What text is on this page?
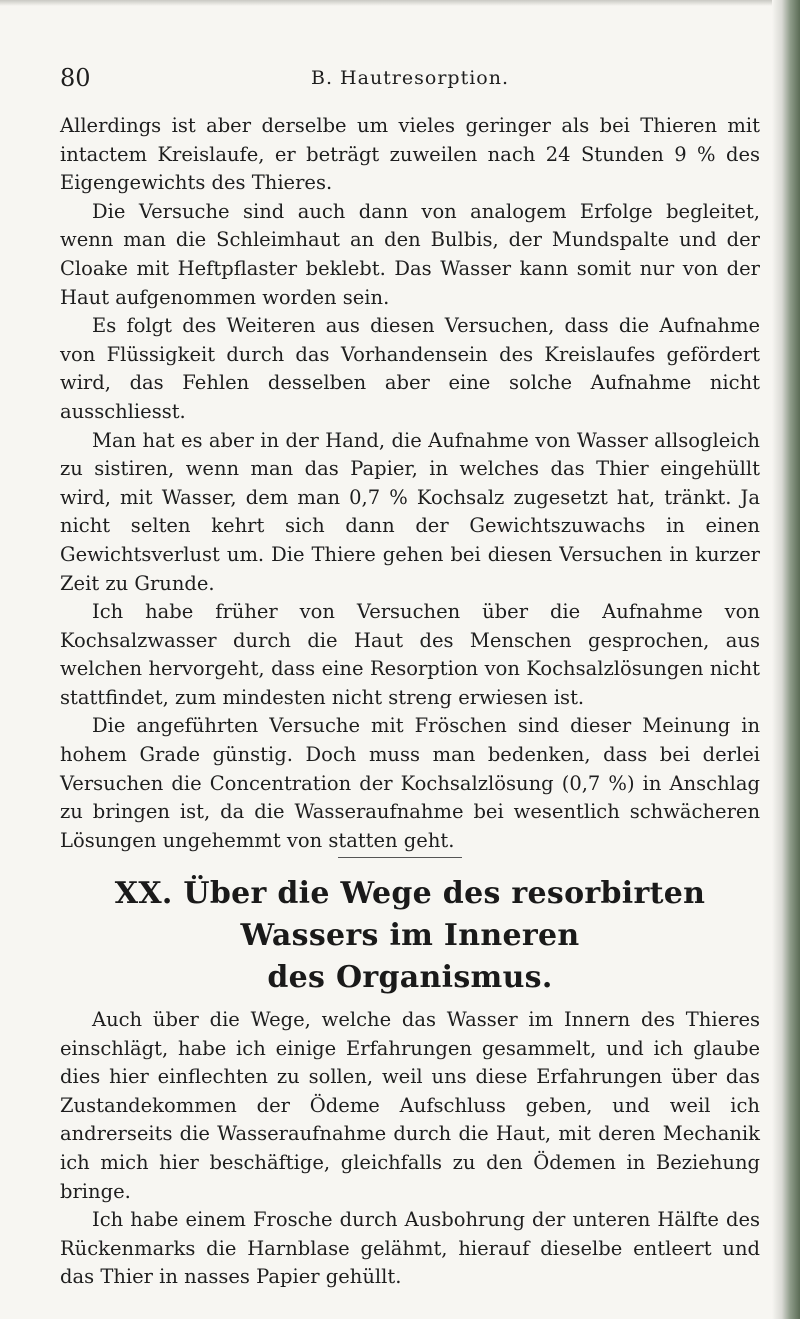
80	B. Hautresorption.

Allerdings ist aber derselbe um vieles geringer als bei Thieren mit intactem Kreislaufe, er beträgt zuweilen nach 24 Stunden 9 % des Eigengewichts des Thieres.

Die Versuche sind auch dann von analogem Erfolge begleitet, wenn man die Schleimhaut an den Bulbis, der Mundspalte und der Cloake mit Heftpflaster beklebt. Das Wasser kann somit nur von der Haut aufgenommen worden sein.

Es folgt des Weiteren aus diesen Versuchen, dass die Aufnahme von Flüssigkeit durch das Vorhandensein des Kreislaufes gefördert wird, das Fehlen desselben aber eine solche Aufnahme nicht ausschliesst.

Man hat es aber in der Hand, die Aufnahme von Wasser allsogleich zu sistiren, wenn man das Papier, in welches das Thier eingehüllt wird, mit Wasser, dem man 0,7 % Kochsalz zugesetzt hat, tränkt. Ja nicht selten kehrt sich dann der Gewichtszuwachs in einen Gewichtsverlust um. Die Thiere gehen bei diesen Versuchen in kurzer Zeit zu Grunde.

Ich habe früher von Versuchen über die Aufnahme von Kochsalzwasser durch die Haut des Menschen gesprochen, aus welchen hervorgeht, dass eine Resorption von Kochsalzlösungen nicht stattfindet, zum mindesten nicht streng erwiesen ist.

Die angeführten Versuche mit Fröschen sind dieser Meinung in hohem Grade günstig. Doch muss man bedenken, dass bei derlei Versuchen die Concentration der Kochsalzlösung (0,7 %) in Anschlag zu bringen ist, da die Wasseraufnahme bei wesentlich schwächeren Lösungen ungehemmt von statten geht.

XX. Über die Wege des resorbirten Wassers im Inneren
des Organismus.

Auch über die Wege, welche das Wasser im Innern des Thieres einschlägt, habe ich einige Erfahrungen gesammelt, und ich glaube dies hier einflechten zu sollen, weil uns diese Erfahrungen über das Zustandekommen der Ödeme Aufschluss geben, und weil ich andrerseits die Wasseraufnahme durch die Haut, mit deren Mechanik ich mich hier beschäftige, gleichfalls zu den Ödemen in Beziehung bringe.

Ich habe einem Frosche durch Ausbohrung der unteren Hälfte des Rückenmarks die Harnblase gelähmt, hierauf dieselbe entleert und das Thier in nasses Papier gehüllt.
